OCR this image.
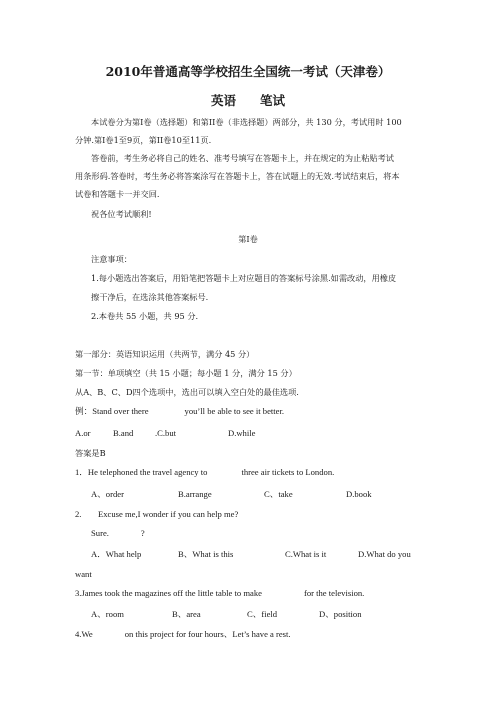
2010年普通高等学校招生全国统一考试（天津卷）
英语 笔试
本试卷分为第I卷（选择题）和第II卷（非选择题）两部分，共 130 分，考试用时 100
分钟.第I卷1至9页，第II卷10至11页.
答卷前，考生务必将自己的姓名、准考号填写在答题卡上，并在规定的为止粘贴考试
用条形码.答卷时，考生务必将答案涂写在答题卡上，答在试题上的无效.考试结束后，将本
试卷和答题卡一并交回.
祝各位考试顺利!
第I卷
注意事项：
1.每小题选出答案后，用铅笔把答题卡上对应题目的答案标号涂黑.如需改动，用橡皮
擦干净后，在选涂其他答案标号.
2.本卷共 55 小题，共 95 分.
第一部分：英语知识运用（共两节，满分 45 分）
第一节：单项填空（共 15 小题；每小题 1 分，满分 15 分）
从A、B、C、D四个选项中，选出可以填入空白处的最佳选项.
例：Stand over there	you’ll be able to see it better.
A.or	B.and	.C.but	D.while
答案是B
1．He telephoned the travel agency to	three air tickets to London.
A、order	B.arrange	C、take	D.book
2. Excuse me,I wonder if you can help me?
Sure.	?
A．What help	B、What is this	C.What is it	D.What do you
want
3.James took the magazines off the little table to make	for the television.
A、room	B、area	C、field	D、position
4.We	on this project for four hours、Let’s have a rest.
